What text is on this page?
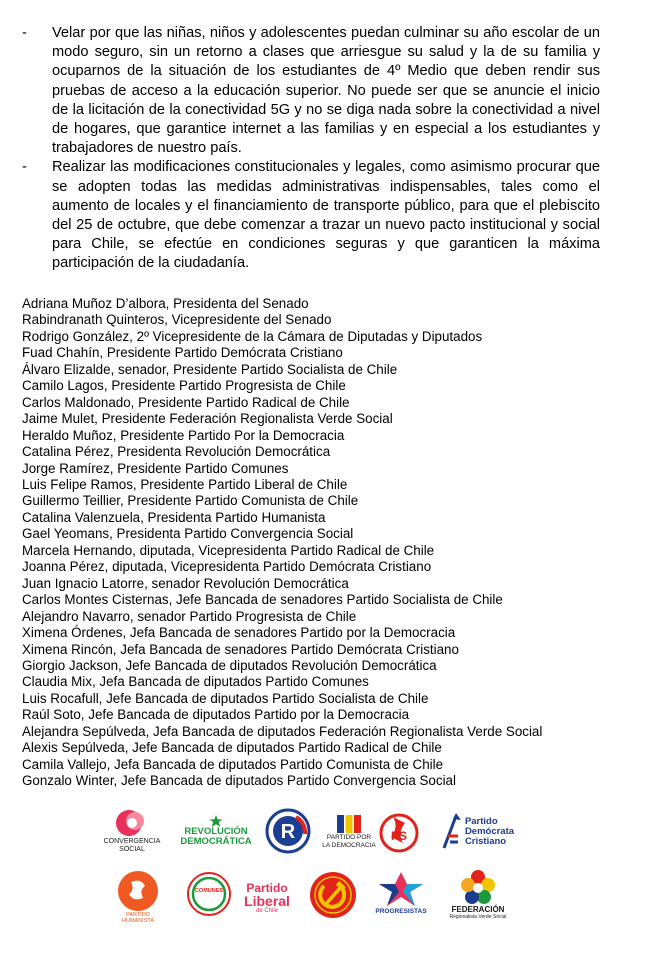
- Velar por que las niñas, niños y adolescentes puedan culminar su año escolar de un modo seguro, sin un retorno a clases que arriesgue su salud y la de su familia y ocuparnos de la situación de los estudiantes de 4º Medio que deben rendir sus pruebas de acceso a la educación superior. No puede ser que se anuncie el inicio de la licitación de la conectividad 5G y no se diga nada sobre la conectividad a nivel de hogares, que garantice internet a las familias y en especial a los estudiantes y trabajadores de nuestro país.
- Realizar las modificaciones constitucionales y legales, como asimismo procurar que se adopten todas las medidas administrativas indispensables, tales como el aumento de locales y el financiamiento de transporte público, para que el plebiscito del 25 de octubre, que debe comenzar a trazar un nuevo pacto institucional y social para Chile, se efectúe en condiciones seguras y que garanticen la máxima participación de la ciudadanía.
Adriana Muñoz D’albora, Presidenta del Senado
Rabindranath Quinteros, Vicepresidente del Senado
Rodrigo González, 2º Vicepresidente de la Cámara de Diputadas y Diputados
Fuad Chahín, Presidente Partido Demócrata Cristiano
Álvaro Elizalde, senador, Presidente Partido Socialista de Chile
Camilo Lagos, Presidente Partido Progresista de Chile
Carlos Maldonado, Presidente Partido Radical de Chile
Jaime Mulet, Presidente Federación Regionalista Verde Social
Heraldo Muñoz, Presidente Partido Por la Democracia
Catalina Pérez, Presidenta Revolución Democrática
Jorge Ramírez, Presidente Partido Comunes
Luis Felipe Ramos, Presidente Partido Liberal de Chile
Guillermo Teillier, Presidente Partido Comunista de Chile
Catalina Valenzuela, Presidenta Partido Humanista
Gael Yeomans, Presidenta Partido Convergencia Social
Marcela Hernando, diputada, Vicepresidenta Partido Radical de Chile
Joanna Pérez, diputada, Vicepresidenta Partido Demócrata Cristiano
Juan Ignacio Latorre, senador Revolución Democrática
Carlos Montes Cisternas, Jefe Bancada de senadores Partido Socialista de Chile
Alejandro Navarro, senador Partido Progresista de Chile
Ximena Órdenes, Jefa Bancada de senadores Partido por la Democracia
Ximena Rincón, Jefa Bancada de senadores Partido Demócrata Cristiano
Giorgio Jackson, Jefe Bancada de diputados Revolución Democrática
Claudia Mix, Jefa Bancada de diputados Partido Comunes
Luis Rocafull, Jefe Bancada de diputados Partido Socialista de Chile
Raúl Soto, Jefe Bancada de diputados Partido por la Democracia
Alejandra Sepúlveda, Jefa Bancada de diputados Federación Regionalista Verde Social
Alexis Sepúlveda, Jefe Bancada de diputados Partido Radical de Chile
Camila Vallejo, Jefa Bancada de diputados Partido Comunista de Chile
Gonzalo Winter, Jefe Bancada de diputados Partido Convergencia Social
CONVERGENCIA
SOCIAL
REVOLUCIÓN
DEMOCRÁTICA R	PARTIDO POR
LA DEMOCRACIA
PS
Partido
Demócrata
Cristiano
PARTIDO
HUMANISTA
COMUNES	Partido
Liberal
de Chile	PROGRESISTAS	FEDERACIÓN
Regionalista Verde Social
